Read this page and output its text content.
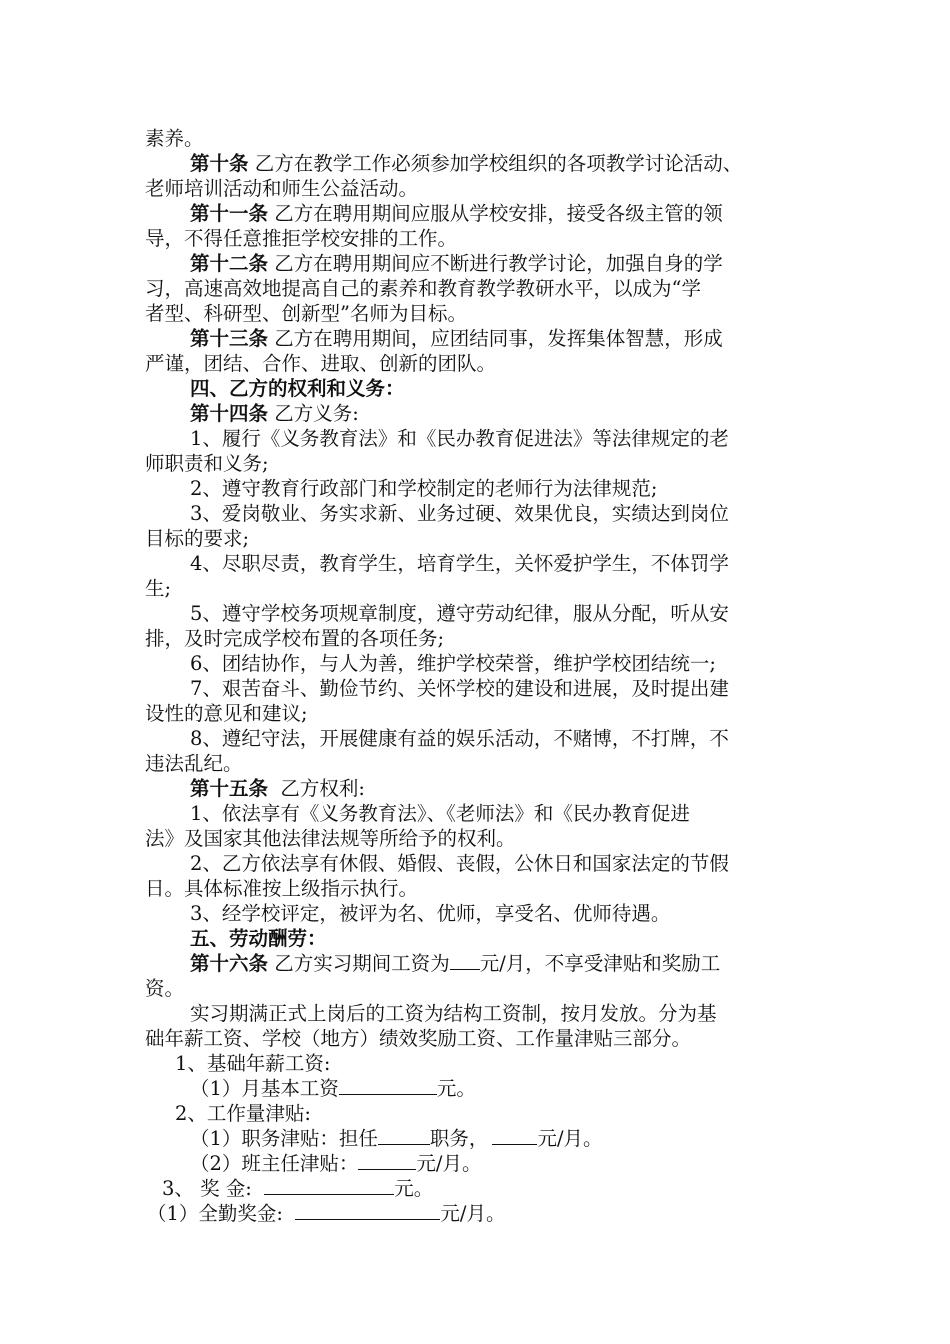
素养。
第十条 乙方在教学工作必须参加学校组织的各项教学讨论活动、
老师培训活动和师生公益活动。
第十一条 乙方在聘用期间应服从学校安排，接受各级主管的领
导，不得任意推拒学校安排的工作。
第十二条 乙方在聘用期间应不断进行教学讨论，加强自身的学
习，高速高效地提高自己的素养和教育教学教研水平，以成为“学
者型、科研型、创新型”名师为目标。
第十三条 乙方在聘用期间，应团结同事，发挥集体智慧，形成
严谨，团结、合作、进取、创新的团队。
四、乙方的权利和义务：
第十四条 乙方义务:
1、履行《义务教育法》和《民办教育促进法》等法律规定的老
师职责和义务;
2、遵守教育行政部门和学校制定的老师行为法律规范;
3、爱岗敬业、务实求新、业务过硬、效果优良，实绩达到岗位
目标的要求;
4、尽职尽责，教育学生，培育学生，关怀爱护学生，不体罚学
生;
5、遵守学校务项规章制度，遵守劳动纪律，服从分配，听从安
排，及时完成学校布置的各项任务;
6、团结协作，与人为善，维护学校荣誉，维护学校团结统一;
7、艰苦奋斗、勤俭节约、关怀学校的建设和进展，及时提出建
设性的意见和建议;
8、遵纪守法，开展健康有益的娱乐活动，不赌博，不打牌，不
违法乱纪。
第十五条 乙方权利:
1、依法享有《义务教育法》、《老师法》和《民办教育促进
法》及国家其他法律法规等所给予的权利。
2、乙方依法享有休假、婚假、丧假，公休日和国家法定的节假
日。具体标准按上级指示执行。
3、经学校评定，被评为名、优师，享受名、优师待遇。
五、劳动酬劳：
第十六条 乙方实习期间工资为 元/月，不享受津贴和奖励工
资。
实习期满正式上岗后的工资为结构工资制，按月发放。分为基
础年薪工资、学校（地方）绩效奖励工资、工作量津贴三部分。
1、基础年薪工资:
（1）月基本工资	元。
2、工作量津贴:
（1）职务津贴：担任	职务，	元/月。
（2）班主任津贴：	元/月。
3、 奖 金:	元。
（1）全勤奖金:	元/月。
